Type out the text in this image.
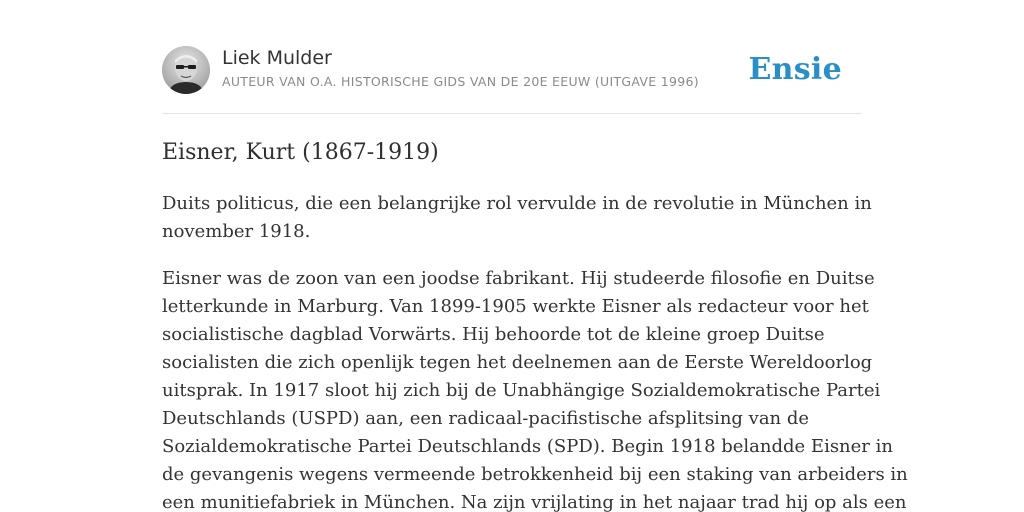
Liek Mulder
AUTEUR VAN O.A. HISTORISCHE GIDS VAN DE 20E EEUW (UITGAVE 1996) Ensie
Eisner, Kurt (1867-1919)

Duits politicus, die een belangrijke rol vervulde in de revolutie in München in
november 1918.

Eisner was de zoon van een joodse fabrikant. Hij studeerde filosofie en Duitse
letterkunde in Marburg. Van 1899-1905 werkte Eisner als redacteur voor het
socialistische dagblad Vorwärts. Hij behoorde tot de kleine groep Duitse
socialisten die zich openlijk tegen het deelnemen aan de Eerste Wereldoorlog
uitsprak. In 1917 sloot hij zich bij de Unabhängige Sozialdemokratische Partei
Deutschlands (USPD) aan, een radicaal-pacifistische afsplitsing van de
Sozialdemokratische Partei Deutschlands (SPD). Begin 1918 belandde Eisner in
de gevangenis wegens vermeende betrokkenheid bij een staking van arbeiders in
een munitiefabriek in München. Na zijn vrijlating in het najaar trad hij op als een
